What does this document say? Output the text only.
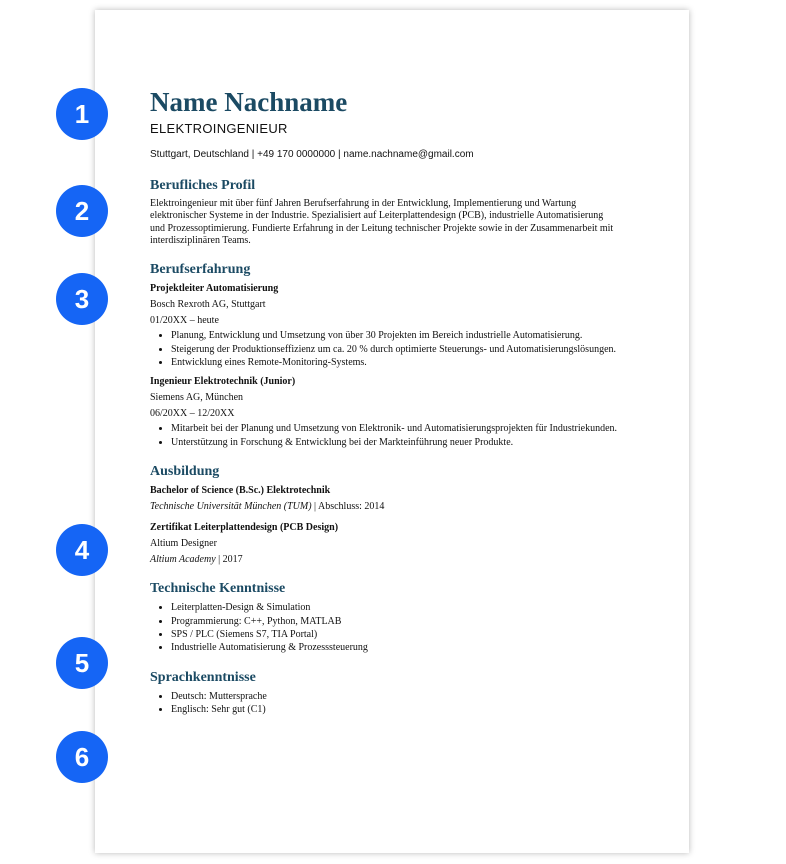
1
2
3
4
5
6
Name Nachname
ELEKTROINGENIEUR
Stuttgart, Deutschland | +49 170 0000000 | name.nachname@gmail.com
Berufliches Profil
Elektroingenieur mit über fünf Jahren Berufserfahrung in der Entwicklung, Implementierung und Wartung elektronischer Systeme in der Industrie. Spezialisiert auf Leiterplattendesign (PCB), industrielle Automatisierung und Prozessoptimierung. Fundierte Erfahrung in der Leitung technischer Projekte sowie in der Zusammenarbeit mit interdisziplinären Teams.
Berufserfahrung
Projektleiter Automatisierung
Bosch Rexroth AG, Stuttgart
01/20XX – heute
• Planung, Entwicklung und Umsetzung von über 30 Projekten im Bereich industrielle Automatisierung.
• Steigerung der Produktionseffizienz um ca. 20 % durch optimierte Steuerungs- und Automatisierungslösungen.
• Entwicklung eines Remote-Monitoring-Systems.
Ingenieur Elektrotechnik (Junior)
Siemens AG, München
06/20XX – 12/20XX
• Mitarbeit bei der Planung und Umsetzung von Elektronik- und Automatisierungsprojekten für Industriekunden.
• Unterstützung in Forschung & Entwicklung bei der Markteinführung neuer Produkte.
Ausbildung
Bachelor of Science (B.Sc.) Elektrotechnik
Technische Universität München (TUM) | Abschluss: 2014
Zertifikat Leiterplattendesign (PCB Design)
Altium Designer
Altium Academy | 2017
Technische Kenntnisse
• Leiterplatten-Design & Simulation
• Programmierung: C++, Python, MATLAB
• SPS / PLC (Siemens S7, TIA Portal)
• Industrielle Automatisierung & Prozesssteuerung
Sprachkenntnisse
• Deutsch: Muttersprache
• Englisch: Sehr gut (C1)
